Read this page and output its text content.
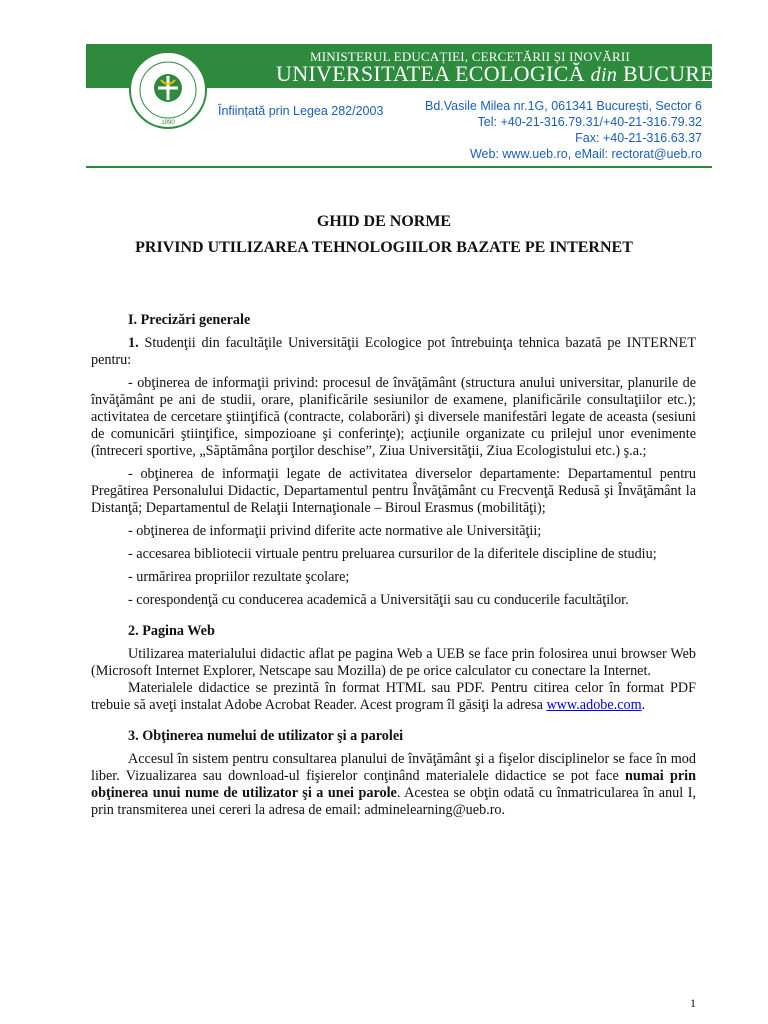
MINISTERUL EDUCAȚIEI, CERCETĂRII ȘI INOVĂRII
UNIVERSITATEA ECOLOGICĂ din BUCUREȘTI
1990
Înființată prin Legea 282/2003	Bd.Vasile Milea nr.1G, 061341 București, Sector 6
Tel: +40-21-316.79.31/+40-21-316.79.32
Fax: +40-21-316.63.37
Web: www.ueb.ro, eMail: rectorat@ueb.ro
GHID DE NORME
PRIVIND UTILIZAREA TEHNOLOGIILOR BAZATE PE INTERNET

I. Precizări generale

1. Studenţii din facultăţile Universităţii Ecologice pot întrebuinţa tehnica bazată pe INTERNET pentru:

- obţinerea de informaţii privind: procesul de învăţământ (structura anului universitar, planurile de învăţământ pe ani de studii, orare, planificările sesiunilor de examene, planificările consultaţiilor etc.); activitatea de cercetare ştiinţifică (contracte, colaborări) şi diversele manifestări legate de aceasta (sesiuni de comunicări ştiinţifice, simpozioane şi conferinţe); acţiunile organizate cu prilejul unor evenimente (întreceri sportive, „Săptămâna porţilor deschise”, Ziua Universităţii, Ziua Ecologistului etc.) ş.a.;

- obţinerea de informaţii legate de activitatea diverselor departamente: Departamentul pentru Pregătirea Personalului Didactic, Departamentul pentru Învăţământ cu Frecvenţă Redusă şi Învăţământ la Distanţă; Departamentul de Relaţii Internaţionale – Biroul Erasmus (mobilităţi);

- obţinerea de informaţii privind diferite acte normative ale Universităţii;

- accesarea bibliotecii virtuale pentru preluarea cursurilor de la diferitele discipline de studiu;

- urmărirea propriilor rezultate şcolare;

- corespondenţă cu conducerea academică a Universităţii sau cu conducerile facultăţilor.

2. Pagina Web

Utilizarea materialului didactic aflat pe pagina Web a UEB se face prin folosirea unui browser Web (Microsoft Internet Explorer, Netscape sau Mozilla) de pe orice calculator cu conectare la Internet.

Materialele didactice se prezintă în format HTML sau PDF. Pentru citirea celor în format PDF trebuie să aveţi instalat Adobe Acrobat Reader. Acest program îl găsiţi la adresa www.adobe.com.

3. Obţinerea numelui de utilizator şi a parolei

Accesul în sistem pentru consultarea planului de învăţământ şi a fişelor disciplinelor se face în mod liber. Vizualizarea sau download-ul fişierelor conţinând materialele didactice se pot face numai prin obţinerea unui nume de utilizator şi a unei parole. Acestea se obţin odată cu înmatricularea în anul I, prin transmiterea unei cereri la adresa de email: adminelearning@ueb.ro.

1
